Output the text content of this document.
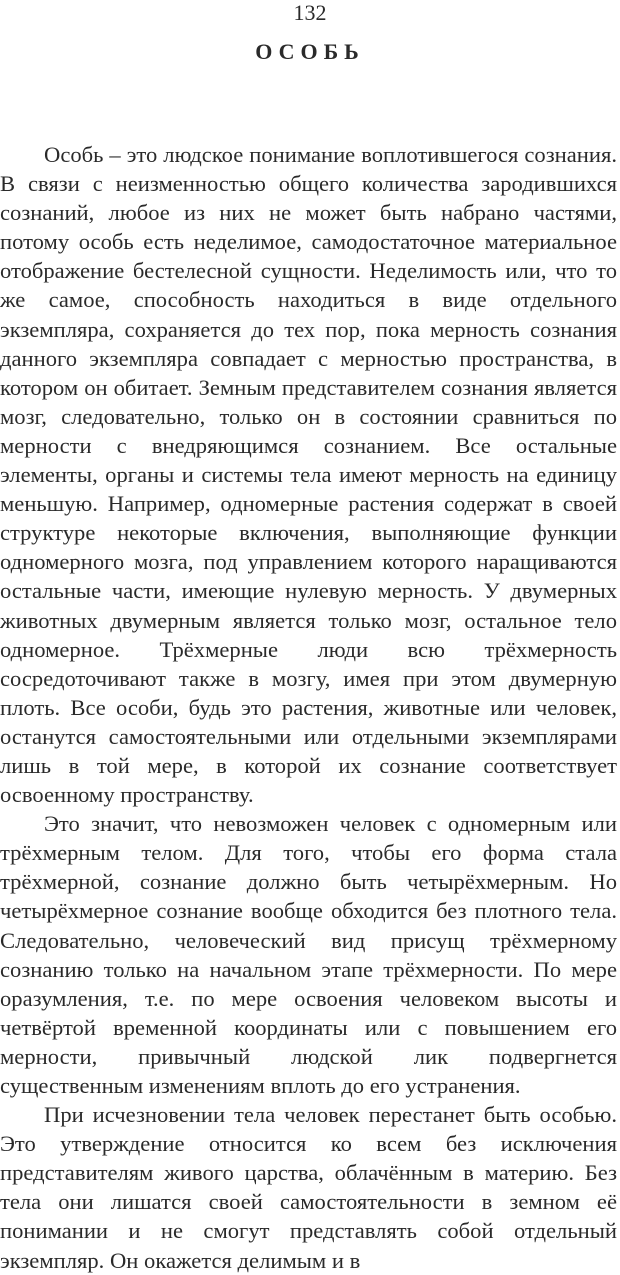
132
ОСОБЬ

Особь – это людское понимание воплотившегося сознания. В связи с неизменностью общего количества зародившихся сознаний, любое из них не может быть набрано частями, потому особь есть неделимое, самодостаточное материальное отображение бестелесной сущности. Неделимость или, что то же самое, способность находиться в виде отдельного экземпляра, сохраняется до тех пор, пока мерность сознания данного экземпляра совпадает с мерностью пространства, в котором он обитает. Земным представителем сознания является мозг, следовательно, только он в состоянии сравниться по мерности с внедряющимся сознанием. Все остальные элементы, органы и системы тела имеют мерность на единицу меньшую. Например, одномерные растения содержат в своей структуре некоторые включения, выполняющие функции одномерного мозга, под управлением которого наращиваются остальные части, имеющие нулевую мерность. У двумерных животных двумерным является только мозг, остальное тело одномерное. Трёхмерные люди всю трёхмерность сосредоточивают также в мозгу, имея при этом двумерную плоть. Все особи, будь это растения, животные или человек, останутся самостоятельными или отдельными экземплярами лишь в той мере, в которой их сознание соответствует освоенному пространству.

Это значит, что невозможен человек с одномерным или трёхмерным телом. Для того, чтобы его форма стала трёхмерной, сознание должно быть четырёхмерным. Но четырёхмерное сознание вообще обходится без плотного тела. Следовательно, человеческий вид присущ трёхмерному сознанию только на начальном этапе трёхмерности. По мере оразумления, т.е. по мере освоения человеком высоты и четвёртой временной координаты или с повышением его мерности, привычный людской лик подвергнется существенным изменениям вплоть до его устранения.

При исчезновении тела человек перестанет быть особью. Это утверждение относится ко всем без исключения представителям живого царства, облачённым в материю. Без тела они лишатся своей самостоятельности в земном её понимании и не смогут представлять собой отдельный экземпляр. Он окажется делимым и в
